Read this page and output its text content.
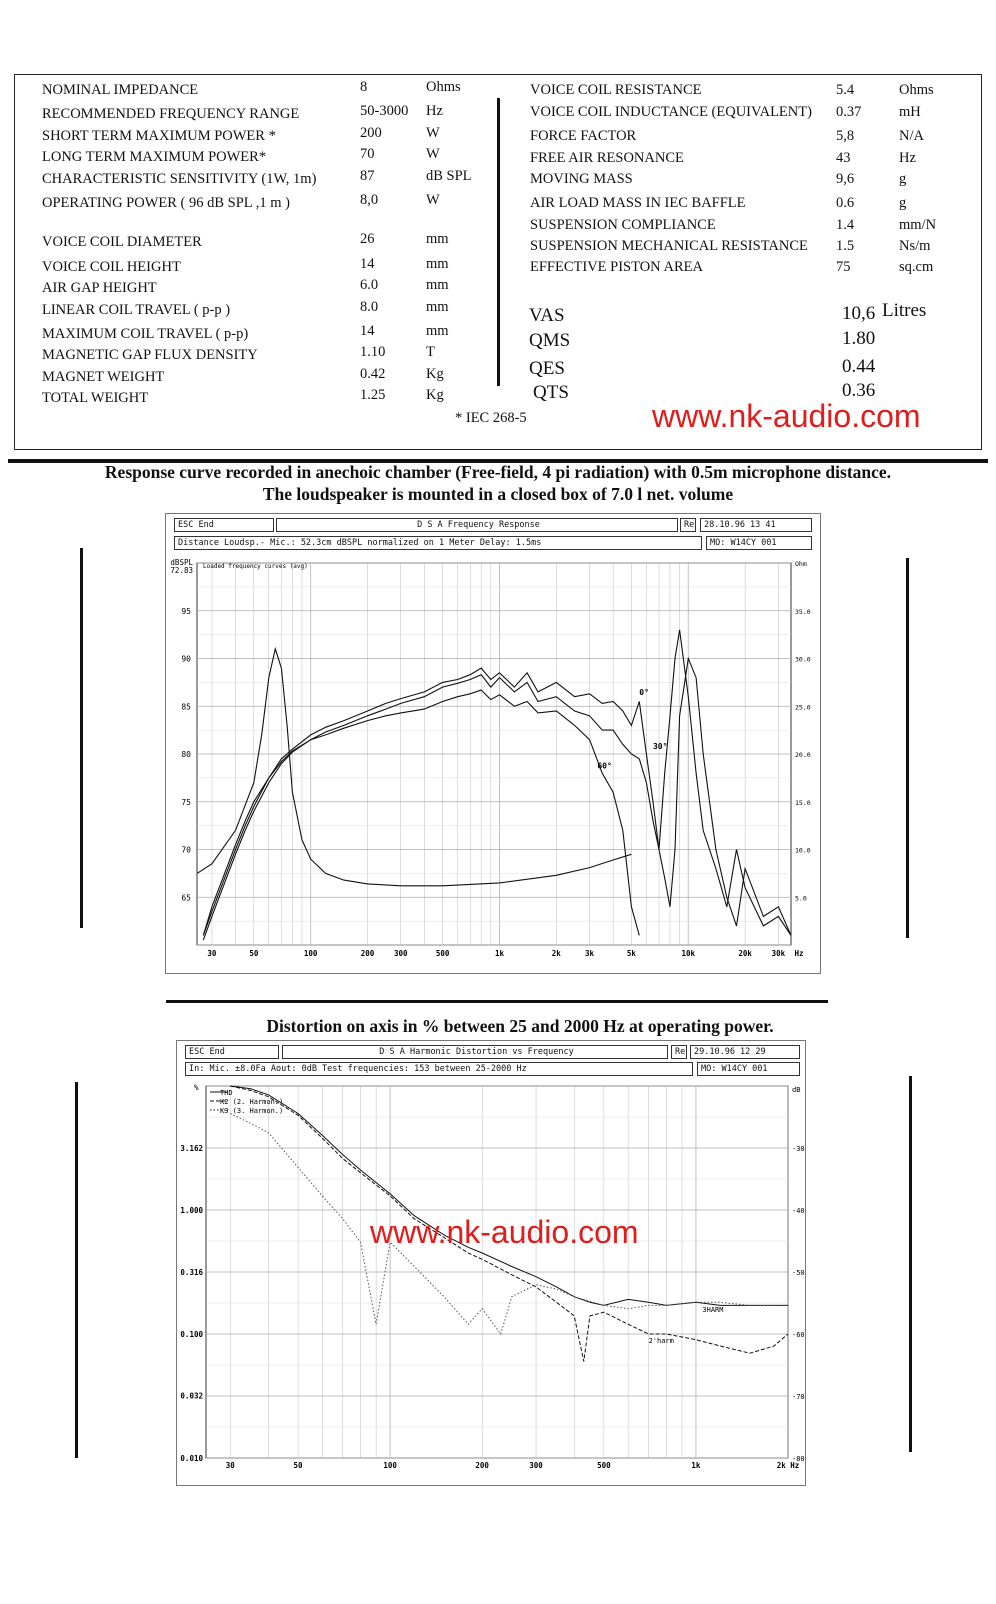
NOMINAL IMPEDANCE	8	Ohms
RECOMMENDED FREQUENCY RANGE	50-3000 Hz
SHORT TERM MAXIMUM POWER *	200	W
LONG TERM MAXIMUM POWER*	70	W
CHARACTERISTIC SENSITIVITY (1W, 1m)	87	dB SPL
OPERATING POWER ( 96 dB SPL ,1 m )	8,0	W
VOICE COIL DIAMETER	26	mm
VOICE COIL HEIGHT	14	mm
AIR GAP HEIGHT	6.0	mm
LINEAR COIL TRAVEL ( p-p )	8.0	mm
MAXIMUM COIL TRAVEL ( p-p)	14	mm
MAGNETIC GAP FLUX DENSITY	1.10	T
MAGNET WEIGHT	0.42	Kg
TOTAL WEIGHT	1.25	Kg
VOICE COIL RESISTANCE	5.4	Ohms
VOICE COIL INDUCTANCE (EQUIVALENT) 0.37	mH
FORCE FACTOR	5,8	N/A
FREE AIR RESONANCE	43	Hz
MOVING MASS	9,6	g
AIR LOAD MASS IN IEC BAFFLE	0.6	g
SUSPENSION COMPLIANCE	1.4	mm/N
SUSPENSION MECHANICAL RESISTANCE 1.5	Ns/m
EFFECTIVE PISTON AREA	75	sq.cm
VAS	10,6 Litres
QMS	1.80
QES	0.44
QTS	0.36
* IEC 268-5	www.nk-audio.com
Response curve recorded in anechoic chamber (Free-field, 4 pi radiation) with 0.5m microphone distance.
The loudspeaker is mounted in a closed box of 7.0 l net. volume
ESC End	D S A Frequency Response	Re	28.10.96 13 41
Distance Loudsp.- Mic.: 52.3cm dBSPL normalized on 1 Meter Delay: 1.5ms	MO: W14CY 001
95
90
85
80
75
70
65
35.0
30.0
25.0
20.0
15.0
10.0
5.0
dBSPL
72.83
Ohm
Loaded frequency curves (avg)
30	50	100	200	300	500	1k	2k	3k	5k	10k	20k	30k Hz
0°
30°
60°
Distortion on axis in % between 25 and 2000 Hz at operating power.
ESC End	D S A Harmonic Distortion vs Frequency	Re	29.10.96 12 29
In: Mic. ±8.0Fa Aout: 0dB Test frequencies: 153 between 25-2000 Hz	MO: W14CY 001
3.162
1.000
0.316
0.100
0.032
0.010
-30
-40
-50
-60
-70
-80
%	dB
30	50	100	200	300	500	1k	2k Hz
THD
K2 (2. Harmon.)
K3 (3. Harmon.)
3HARM
2'harm
www.nk-audio.com
